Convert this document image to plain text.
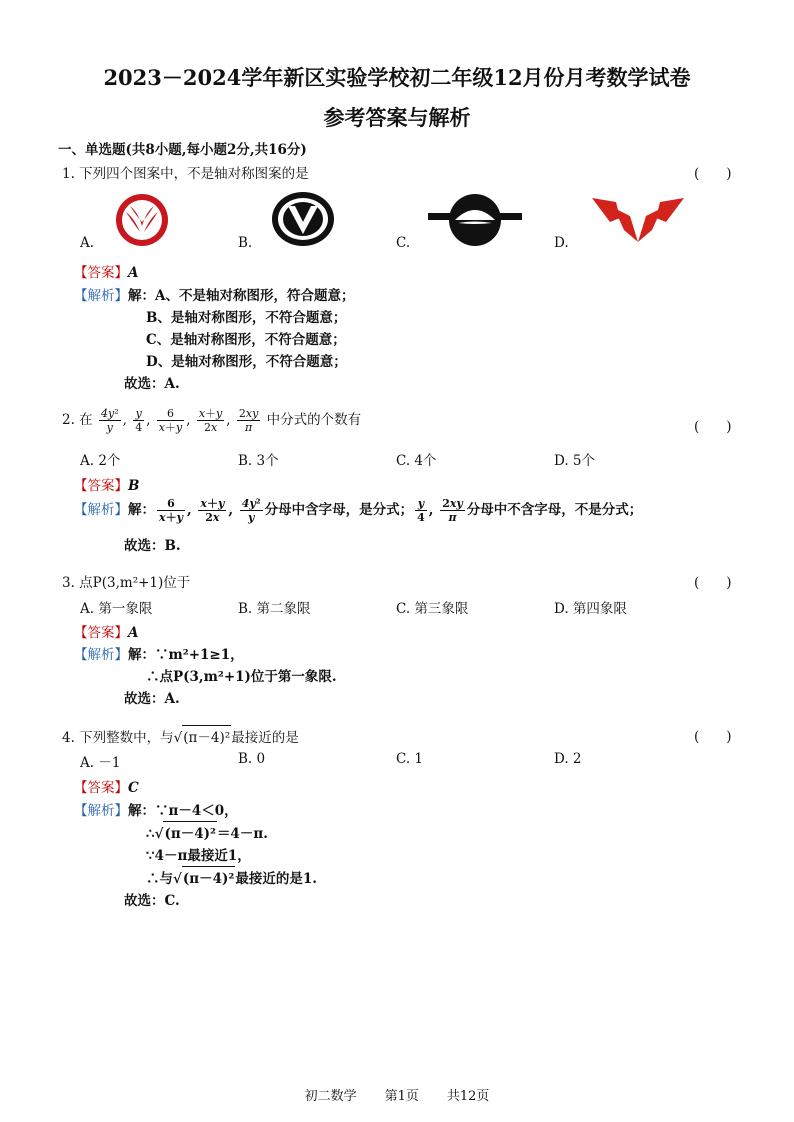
2023－2024学年新区实验学校初二年级12月份月考数学试卷
参考答案与解析
一、单选题(共8小题,每小题2分,共16分)
1. 下列四个图案中，不是轴对称图案的是	(　　)
A.	B.	C.	D.
【答案】A
【解析】解：A、不是轴对称图形，符合题意；
B、是轴对称图形，不符合题意；
C、是轴对称图形，不符合题意；
D、是轴对称图形，不符合题意；
故选：A.
2. 在 $\frac{\text{4y²}}{y}$ , $\frac{y}{4}$ , $\frac{6}{x+y}$ , $\frac{x+y}{2x}$ , $\frac{2xy}{\pi}$ 中分式的个数有	(　　)
A. 2个	B. 3个	C. 4个	D. 5个
【答案】B
【解析】解： $\frac{6}{x+y}$ , $\frac{x+y}{2x}$ , $\frac{\text{4y²}}{y}$ 分母中含字母，是分式； $\frac{y}{4}$ , $\frac{2xy}{\pi}$ 分母中不含字母，不是分式；
故选：B.
3. 点P(3,m²+1)位于	(　　)
A. 第一象限	B. 第二象限	C. 第三象限	D. 第四象限
【答案】A
【解析】解：∵m²+1≥1，
∴点P(3,m²+1)位于第一象限.
故选：A.
4. 下列整数中，与√(π－4)²最接近的是	(　　)
A. －1	B. 0	C. 1	D. 2
【答案】C
【解析】解：∵π－4＜0，
∴√(π－4)²＝4－π.
∵4－π最接近1，
∴与√(π－4)²最接近的是1.
故选：C.
初二数学 第1页 共12页
